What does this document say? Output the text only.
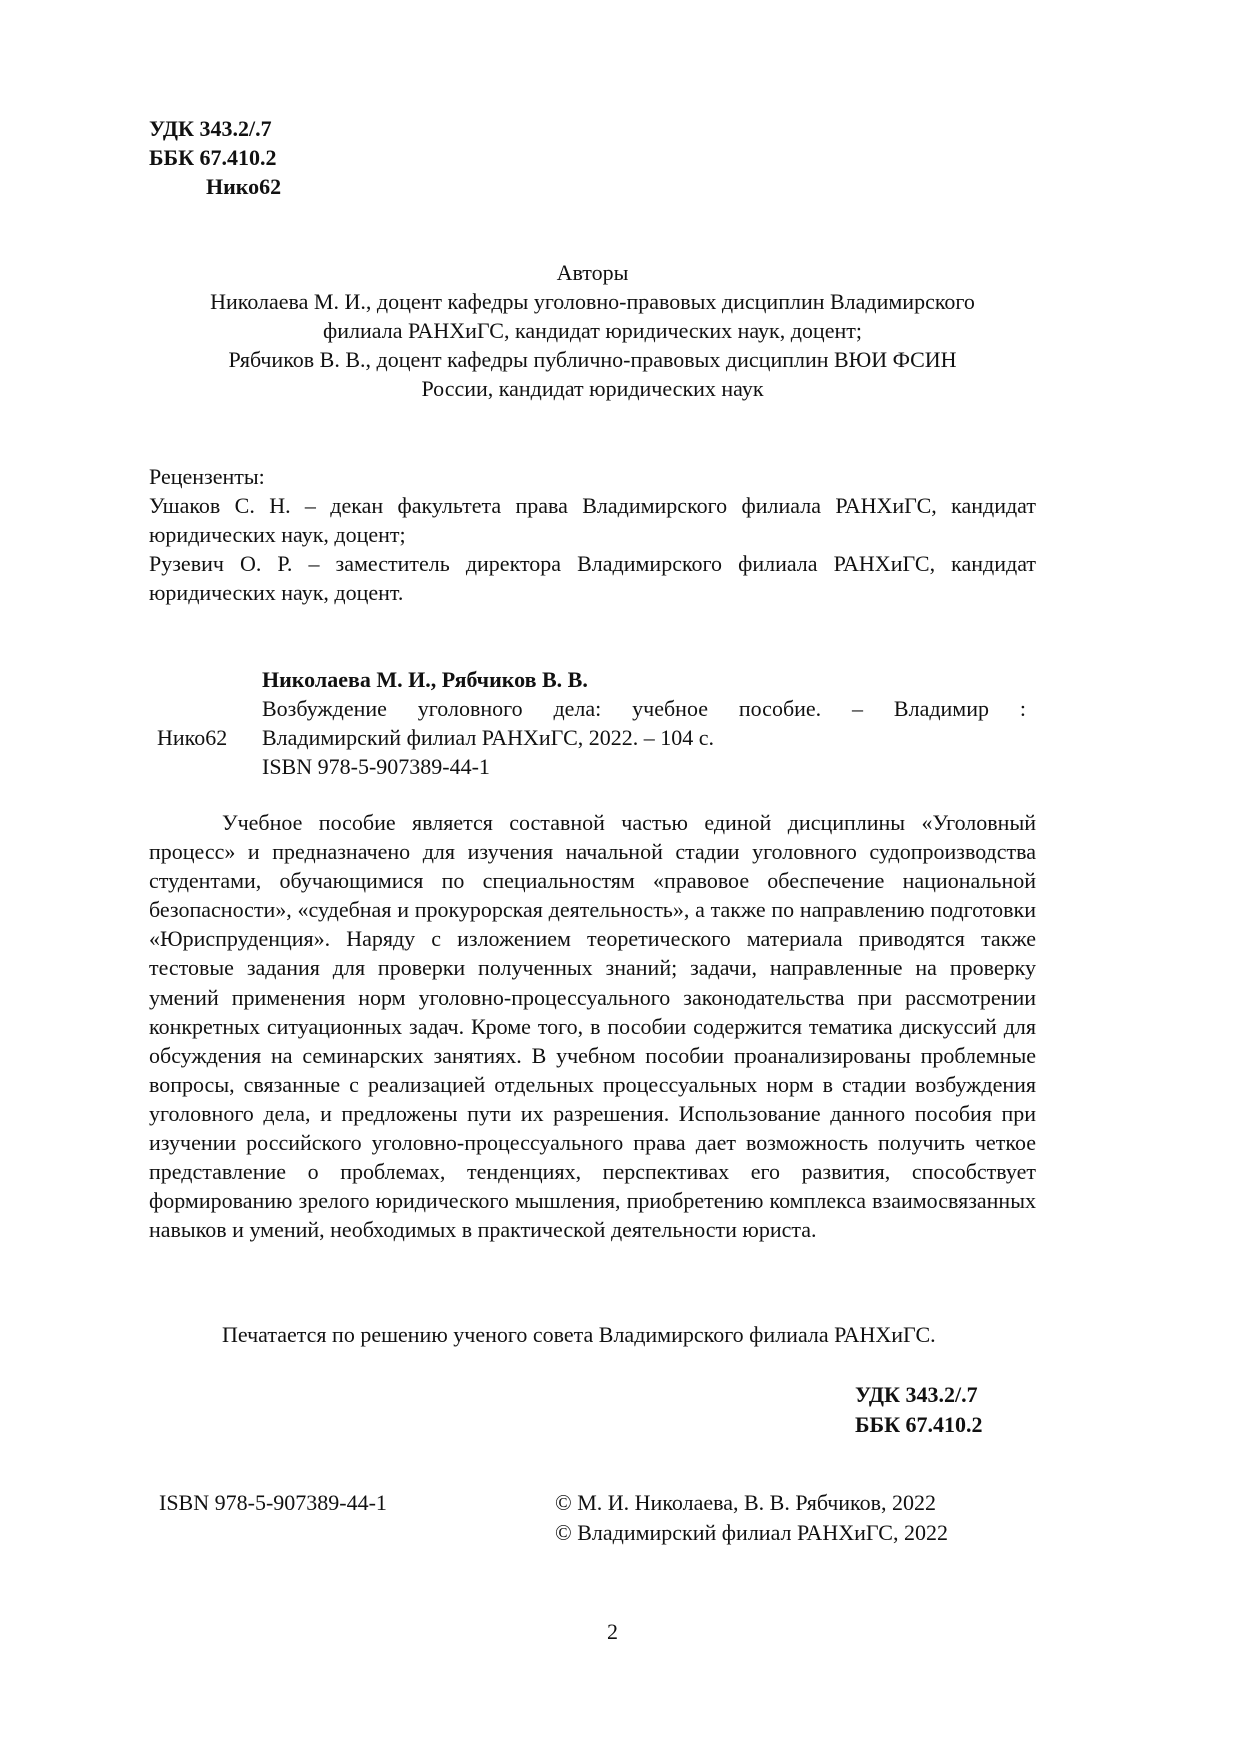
УДК 343.2/.7
ББК 67.410.2
Нико62
Авторы
Николаева М. И., доцент кафедры уголовно-правовых дисциплин Владимирского
филиала РАНХиГС, кандидат юридических наук, доцент;
Рябчиков В. В., доцент кафедры публично-правовых дисциплин ВЮИ ФСИН
России, кандидат юридических наук
Рецензенты:
Ушаков С. Н. – декан факультета права Владимирского филиала РАНХиГС, кандидат юридических наук, доцент;
Рузевич О. Р. – заместитель директора Владимирского филиала РАНХиГС, кандидат юридических наук, доцент.
Николаева М. И., Рябчиков В. В.
Возбуждение уголовного дела: учебное пособие. – Владимир :
Нико62 Владимирский филиал РАНХиГС, 2022. – 104 с.
ISBN 978-5-907389-44-1
Учебное пособие является составной частью единой дисциплины «Уголовный процесс» и предназначено для изучения начальной стадии уголовного судопроизводства студентами, обучающимися по специальностям «правовое обеспечение национальной безопасности», «судебная и прокурорская деятельность», а также по направлению подготовки «Юриспруденция». Наряду с изложением теоретического материала приводятся также тестовые задания для проверки полученных знаний; задачи, направленные на проверку умений применения норм уголовно-процессуального законодательства при рассмотрении конкретных ситуационных задач. Кроме того, в пособии содержится тематика дискуссий для обсуждения на семинарских занятиях. В учебном пособии проанализированы проблемные вопросы, связанные с реализацией отдельных процессуальных норм в стадии возбуждения уголовного дела, и предложены пути их разрешения. Использование данного пособия при изучении российского уголовно-процессуального права дает возможность получить четкое представление о проблемах, тенденциях, перспективах его развития, способствует формированию зрелого юридического мышления, приобретению комплекса взаимосвязанных навыков и умений, необходимых в практической деятельности юриста.
Печатается по решению ученого совета Владимирского филиала РАНХиГС.
УДК 343.2/.7
ББК 67.410.2
ISBN 978-5-907389-44-1	© М. И. Николаева, В. В. Рябчиков, 2022
© Владимирский филиал РАНХиГС, 2022
2
